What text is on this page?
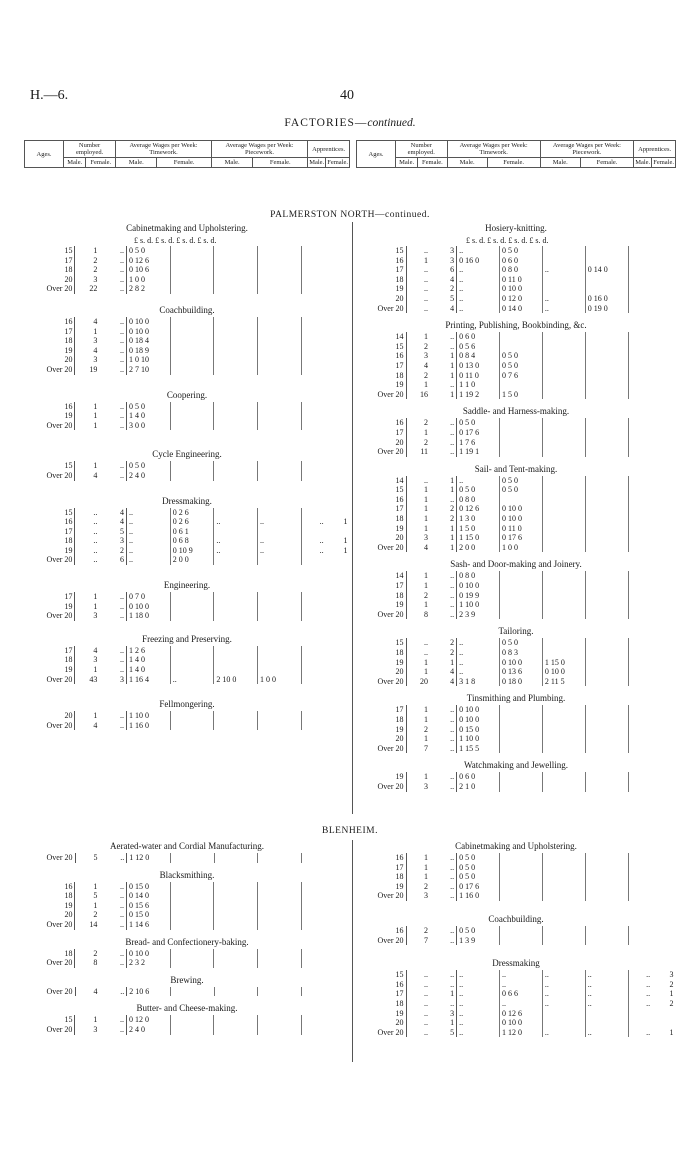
H.—6.	40
FACTORIES—continued.
Ages.	Number employed.		Average Wages per Week: Timework.		Average Wages per Week: Piecework.		Apprentices.	
	Male.	Female.	Male.	Female.	Male.	Female.	Male.	Female.
Ages.	Number employed.		Average Wages per Week: Timework.		Average Wages per Week: Piecework.		Apprentices.	
	Male.	Female.	Male.	Female.	Male.	Female.	Male.	Female.
PALMERSTON NORTH—continued.
Cabinetmaking and Upholstering.
£ s. d. £ s. d. £ s. d. £ s. d.
15	1	..	0 5 0					
17	2	..	0 12 6					
18	2	..	0 10 6					
20	3	..	1 0 0					
Over 20	22	..	2 8 2					
Coachbuilding.
16	4	..	0 10 0					
17	1	..	0 10 0					
18	3	..	0 18 4					
19	4	..	0 18 9					
20	3	..	1 0 10					
Over 20	19	..	2 7 10					
Coopering.
16	1	..	0 5 0					
19	1	..	1 4 0					
Over 20	1	..	3 0 0					
Cycle Engineering.
15	1	..	0 5 0					
Over 20	4	..	2 4 0					
Dressmaking.
15	..	4	..	0 2 6				
16	..	4	..	0 2 6	..	..	..	1
17	..	5	..	0 6 1				
18	..	3	..	0 6 8	..	..	..	1
19	..	2	..	0 10 9	..	..	..	1
Over 20	..	6	..	2 0 0				
Engineering.
17	1	..	0 7 0					
19	1	..	0 10 0					
Over 20	3	..	1 18 0					
Freezing and Preserving.
17	4	..	1 2 6					
18	3	..	1 4 0					
19	1	..	1 4 0					
Over 20	43	3	1 16 4	..	2 10 0	1 0 0		
Fellmongering.
20	1	..	1 10 0					
Over 20	4	..	1 16 0					
Hosiery-knitting.
£ s. d. £ s. d. £ s. d. £ s. d.
15	..	3	..	0 5 0				
16	1	3	0 16 0	0 6 0				
17	..	6	..	0 8 0	..	0 14 0		
18	..	4	..	0 11 0				
19	..	2	..	0 10 0				
20	..	5	..	0 12 0	..	0 16 0		
Over 20	..	4	..	0 14 0	..	0 19 0		
Printing, Publishing, Bookbinding, &c.
14	1	..	0 6 0					
15	2	..	0 5 6					
16	3	1	0 8 4	0 5 0				
17	4	1	0 13 0	0 5 0				
18	2	1	0 11 0	0 7 6				
19	1	..	1 1 0					
Over 20	16	1	1 19 2	1 5 0				
Saddle- and Harness-making.
16	2	..	0 5 0					
17	1	..	0 17 6					
20	2	..	1 7 6					
Over 20	11	..	1 19 1					
Sail- and Tent-making.
14	..	1	..	0 5 0				
15	1	1	0 5 0	0 5 0				
16	1	..	0 8 0					
17	1	2	0 12 6	0 10 0				
18	1	2	1 3 0	0 10 0				
19	1	1	1 5 0	0 11 0				
20	3	1	1 15 0	0 17 6				
Over 20	4	1	2 0 0	1 0 0				
Sash- and Door-making and Joinery.
14	1	..	0 8 0					
17	1	..	0 10 0					
18	2	..	0 19 9					
19	1	..	1 10 0					
Over 20	8	..	2 3 9					
Tailoring.
15	..	2	..	0 5 0				
18	..	2	..	0 8 3				
19	1	1	..	0 10 0	1 15 0			
20	1	4	..	0 13 6	0 10 0			
Over 20	20	4	3 1 8	0 18 0	2 11 5			
Tinsmithing and Plumbing.
17	1	..	0 10 0					
18	1	..	0 10 0					
19	2	..	0 15 0					
20	1	..	1 10 0					
Over 20	7	..	1 15 5					
Watchmaking and Jewelling.
19	1	..	0 6 0					
Over 20	3	..	2 1 0					
BLENHEIM.
Aerated-water and Cordial Manufacturing.
Over 20	5	..	1 12 0					
Blacksmithing.
16	1	..	0 15 0					
18	5	..	0 14 0					
19	1	..	0 15 6					
20	2	..	0 15 0					
Over 20	14	..	1 14 6					
Bread- and Confectionery-baking.
18	2	..	0 10 0					
Over 20	8	..	2 3 2					
Brewing.
Over 20	4	..	2 10 6					
Butter- and Cheese-making.
15	1	..	0 12 0					
Over 20	3	..	2 4 0					
Cabinetmaking and Upholstering.
16	1	..	0 5 0					
17	1	..	0 5 0					
18	1	..	0 5 0					
19	2	..	0 17 6					
Over 20	3	..	1 16 0					
Coachbuilding.
16	2	..	0 5 0					
Over 20	7	..	1 3 9					
Dressmaking
15	..	..	..	..	..	..	..	3
16	..	..	..	..	..	..	..	2
17	..	1	..	0 6 6	..	..	..	1
18	..	..	..	..	..	..	..	2
19	..	3	..	0 12 6				
20	..	1	..	0 10 0				
Over 20	..	5	..	1 12 0	..	..	..	1
